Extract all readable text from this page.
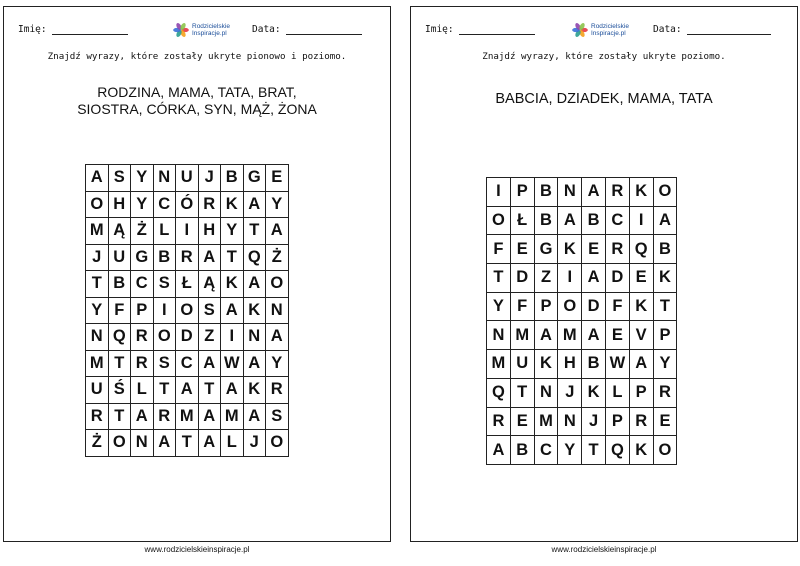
Imię:	Rodzicielskie
Inspiracje.pl	Data:
Znajdź wyrazy, które zostały ukryte pionowo i poziomo.
RODZINA, MAMA, TATA, BRAT,
SIOSTRA, CÓRKA, SYN, MĄŻ, ŻONA
A	S	Y	N	U	J	B	G	E
O	H	Y	C	Ó	R	K	A	Y
M	Ą	Ż	L	I	H	Y	T	A
J	U	G	B	R	A	T	Q	Ż
T	B	C	S	Ł	Ą	K	A	O
Y	F	P	I	O	S	A	K	N
N	Q	R	O	D	Z	I	N	A
M	T	R	S	C	A	W	A	Y
U	Ś	L	T	A	T	A	K	R
R	T	A	R	M	A	M	A	S
Ż	O	N	A	T	A	L	J	O
Imię:	Rodzicielskie
Inspiracje.pl	Data:
Znajdź wyrazy, które zostały ukryte poziomo.
BABCIA, DZIADEK, MAMA, TATA
I	P	B	N	A	R	K	O
O	Ł	B	A	B	C	I	A
F	E	G	K	E	R	Q	B
T	D	Z	I	A	D	E	K
Y	F	P	O	D	F	K	T
N	M	A	M	A	E	V	P
M	U	K	H	B	W	A	Y
Q	T	N	J	K	L	P	R
R	E	M	N	J	P	R	E
A	B	C	Y	T	Q	K	O
www.rodzicielskieinspiracje.pl	www.rodzicielskieinspiracje.pl
